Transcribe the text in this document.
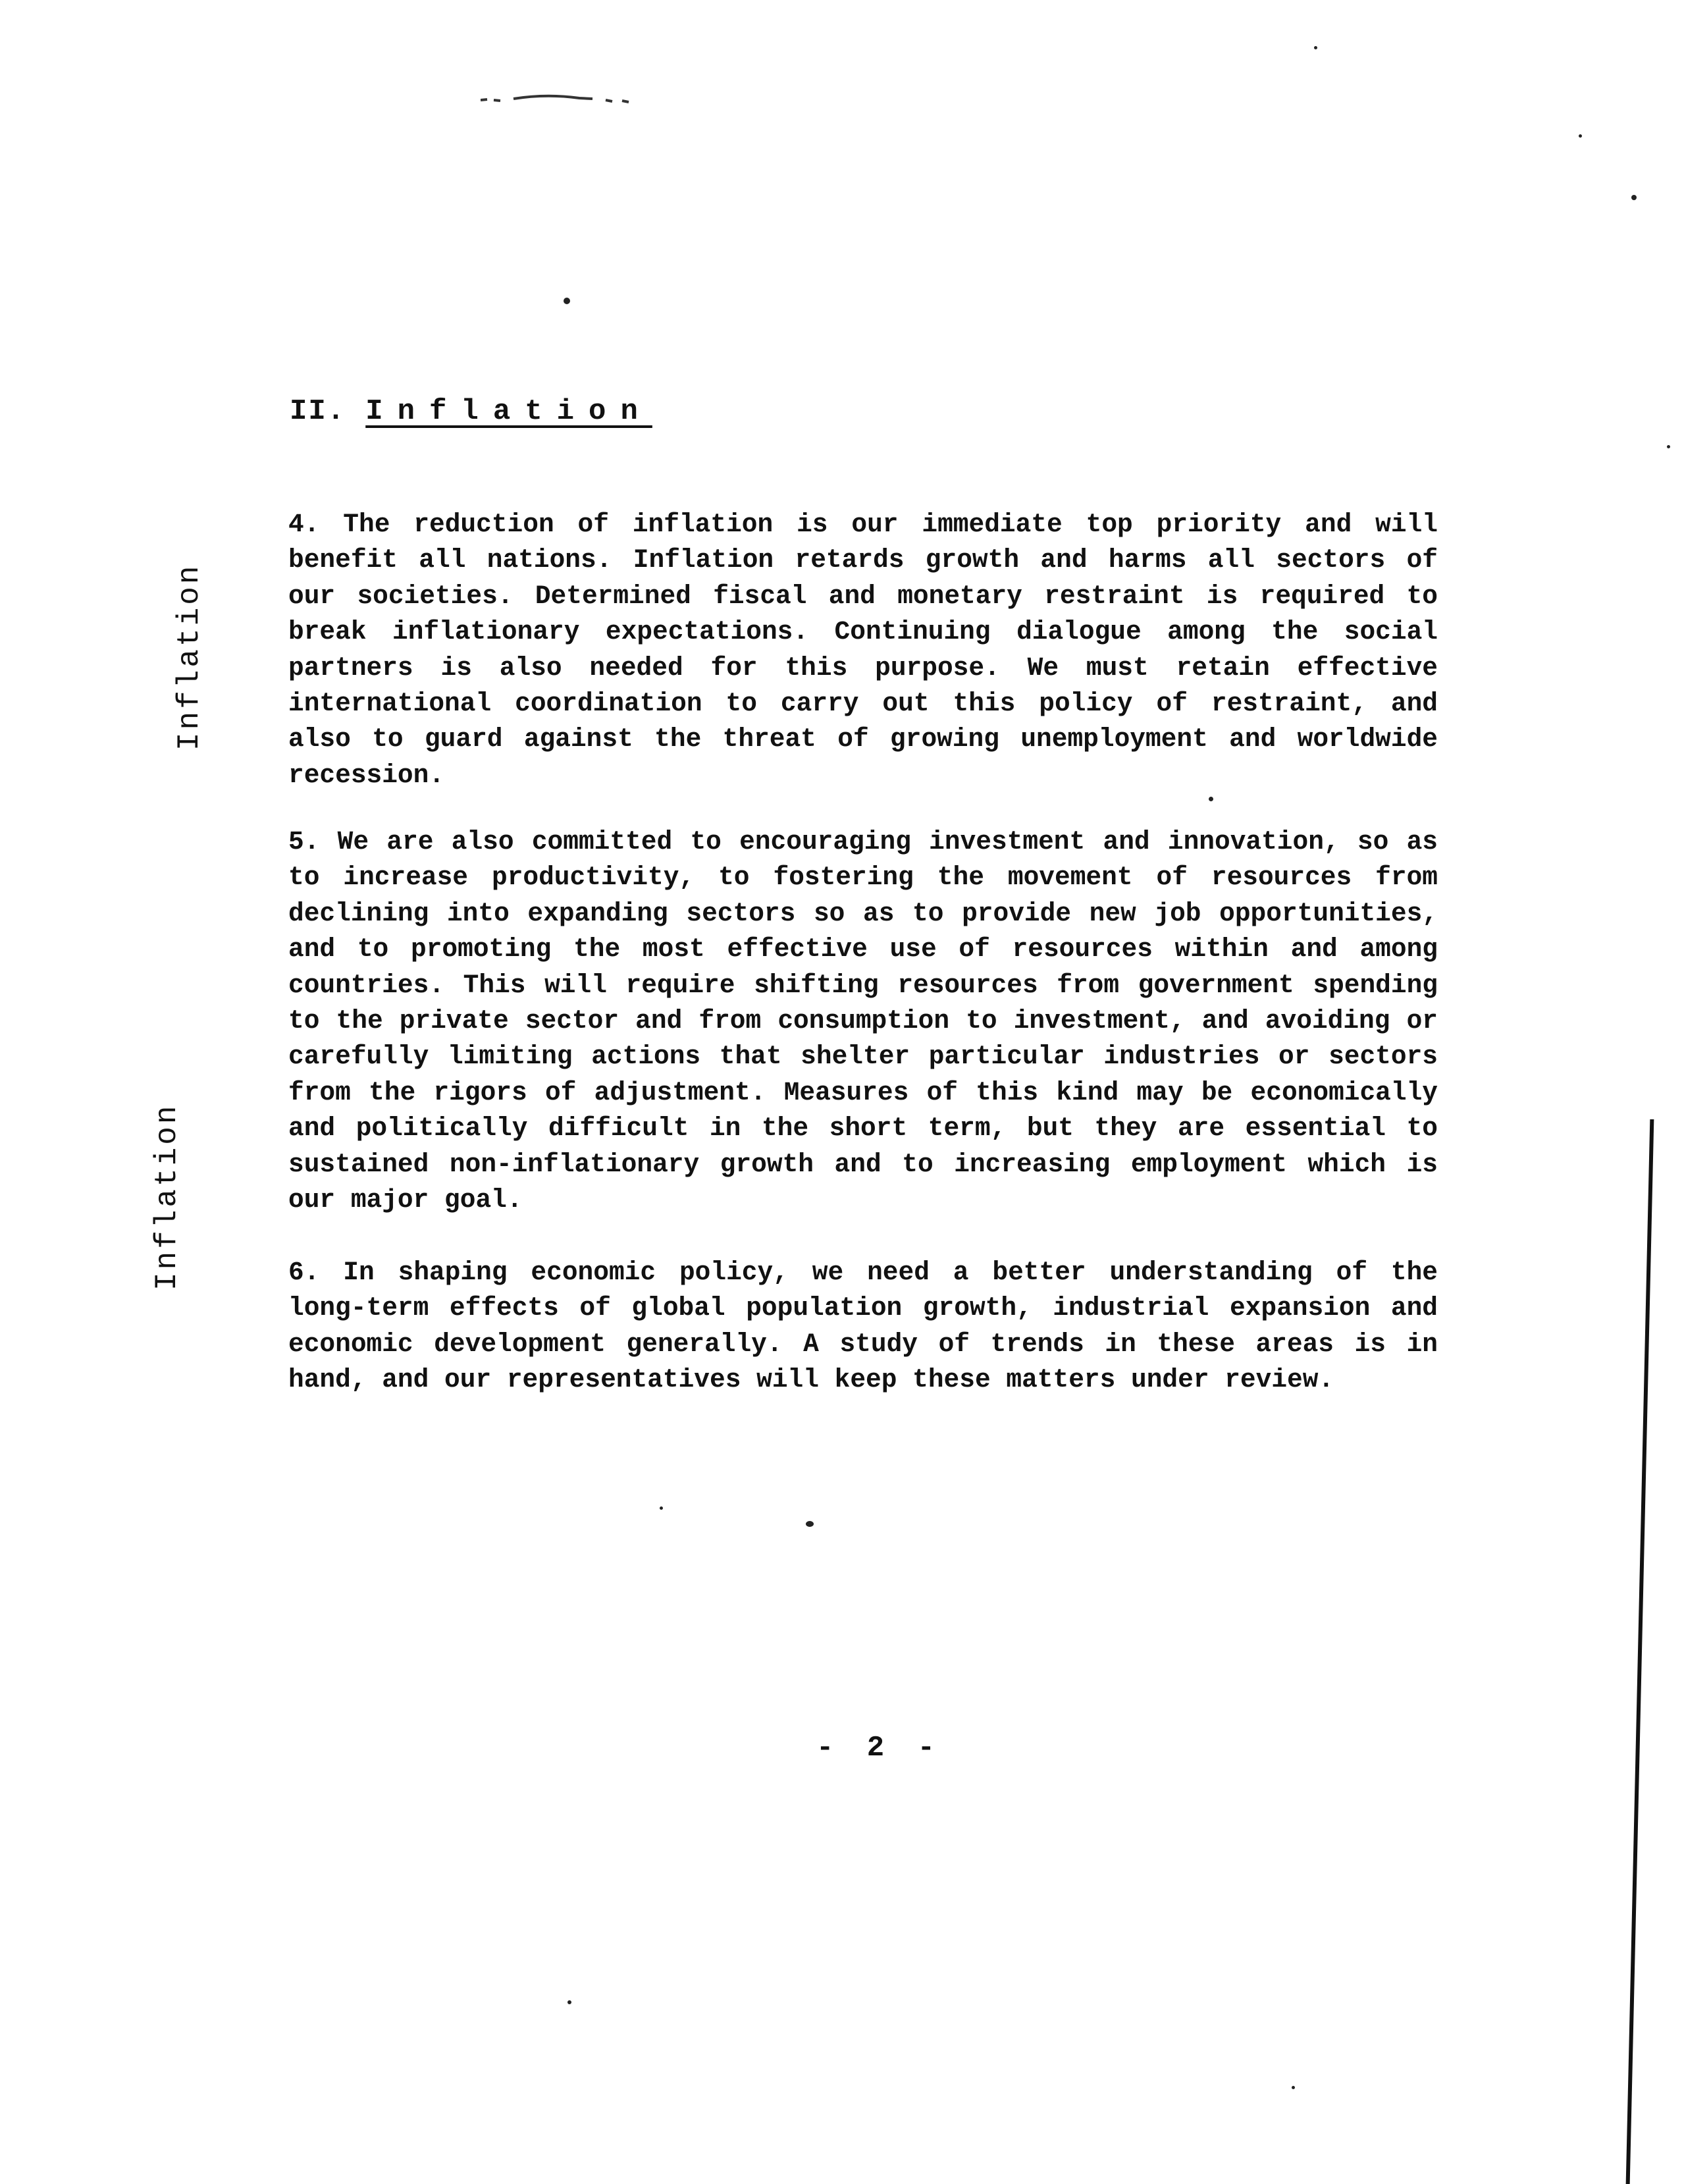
II. Inflation
Inflation
Inflation

4. The reduction of inflation is our immediate top priority and will benefit all nations. Inflation retards growth and harms all sectors of our societies. Determined fiscal and monetary restraint is required to break inflationary expectations. Continuing dialogue among the social partners is also needed for this purpose. We must retain effective international coordination to carry out this policy of restraint, and also to guard against the threat of growing unemployment and worldwide recession.

5. We are also committed to encouraging investment and innovation, so as to increase productivity, to fostering the movement of resources from declining into expanding sectors so as to provide new job opportunities, and to promoting the most effective use of resources within and among countries. This will require shifting resources from government spending to the private sector and from consumption to investment, and avoiding or carefully limiting actions that shelter particular industries or sectors from the rigors of adjustment. Measures of this kind may be economically and politically difficult in the short term, but they are essential to sustained non-inflationary growth and to increasing employment which is our major goal.

6. In shaping economic policy, we need a better understanding of the long-term effects of global population growth, industrial expansion and economic development generally. A study of trends in these areas is in hand, and our representatives will keep these matters under review.

- 2 -
